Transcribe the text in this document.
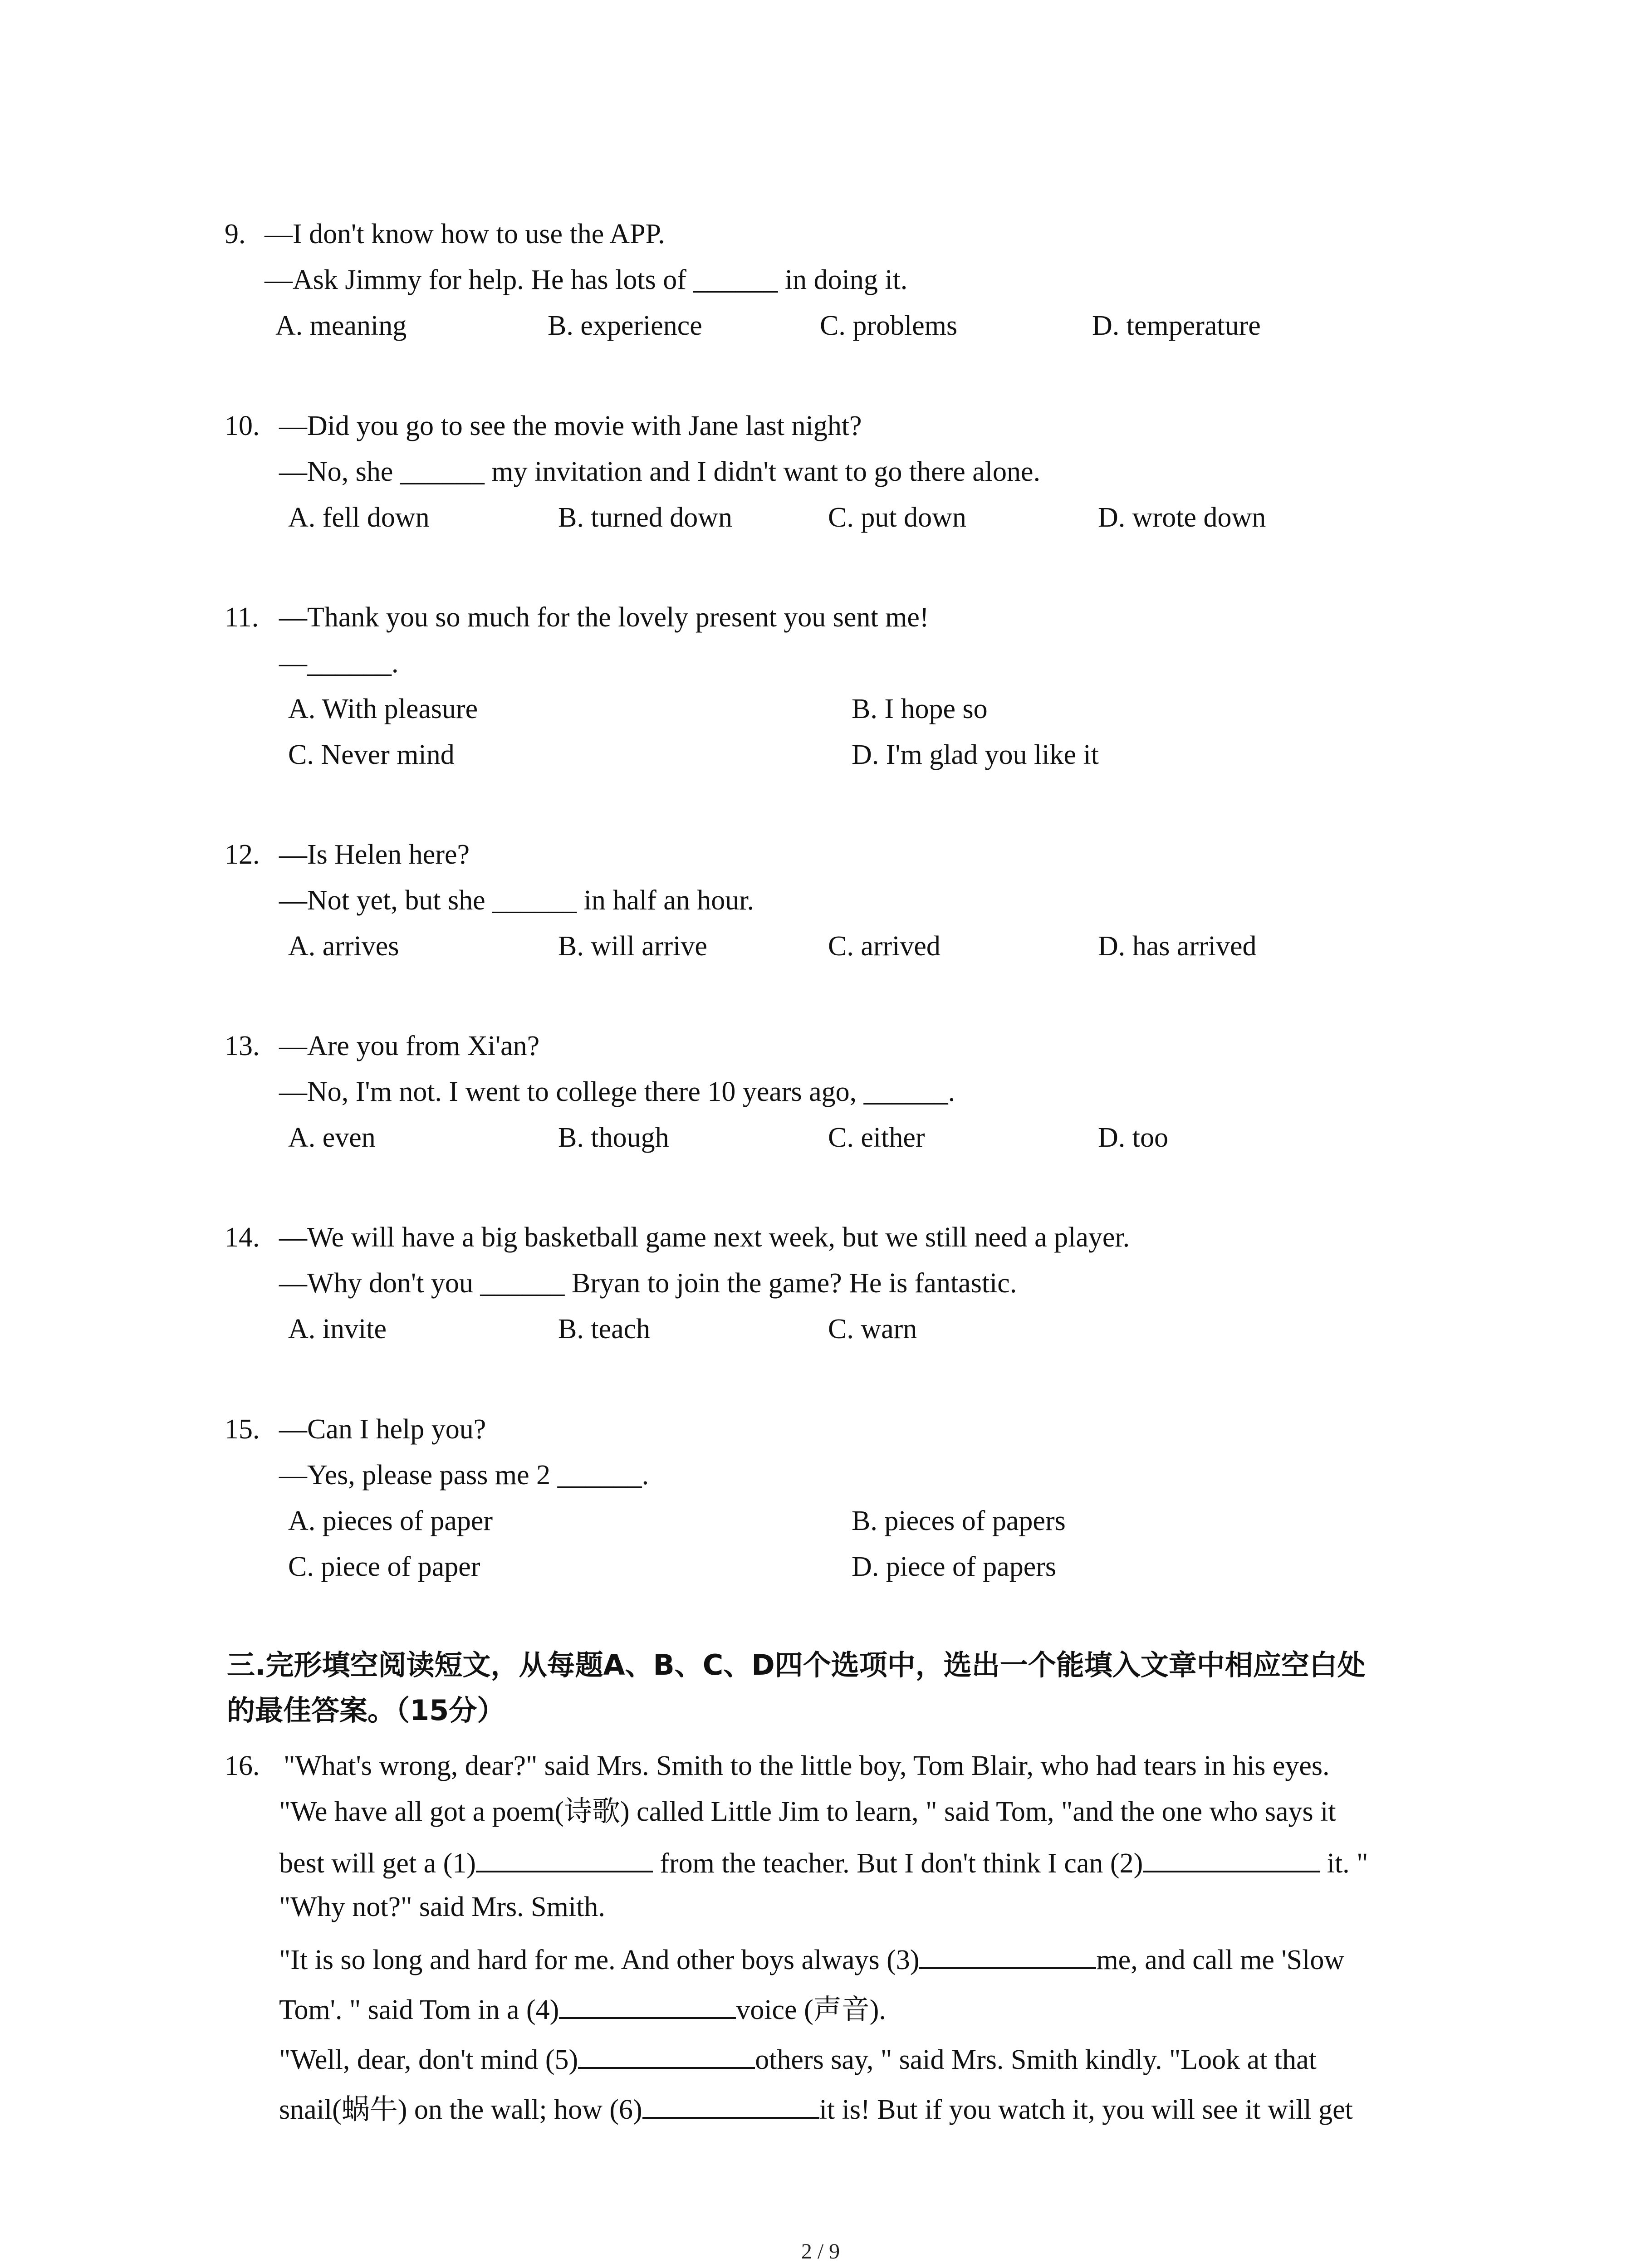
9. —I don't know how to use the APP.
—Ask Jimmy for help. He has lots of ______ in doing it.
A. meaning	B. experience	C. problems	D. temperature
10. —Did you go to see the movie with Jane last night?
—No, she ______ my invitation and I didn't want to go there alone.
A. fell down	B. turned down	C. put down	D. wrote down
11. —Thank you so much for the lovely present you sent me!
—______.
A. With pleasure	B. I hope so
C. Never mind	D. I'm glad you like it
12. —Is Helen here?
—Not yet, but she ______ in half an hour.
A. arrives	B. will arrive	C. arrived	D. has arrived
13. —Are you from Xi'an?
—No, I'm not. I went to college there 10 years ago, ______.
A. even	B. though	C. either	D. too
14. —We will have a big basketball game next week, but we still need a player.
—Why don't you ______ Bryan to join the game? He is fantastic.
A. invite	B. teach	C. warn
15. —Can I help you?
—Yes, please pass me 2 ______.
A. pieces of paper	B. pieces of papers
C. piece of paper	D. piece of papers
三.完形填空阅读短文，从每题A、B、C、D四个选项中，选出一个能填入文章中相应空白处
的最佳答案。（15分）
16. "What's wrong, dear?" said Mrs. Smith to the little boy, Tom Blair, who had tears in his eyes.
"We have all got a poem(诗歌) called Little Jim to learn, " said Tom, "and the one who says it
best will get a (1)	from the teacher. But I don't think I can (2)	it. "
"Why not?" said Mrs. Smith.
"It is so long and hard for me. And other boys always (3)	me, and call me 'Slow
Tom'. " said Tom in a (4)	voice (声音).
"Well, dear, don't mind (5)	others say, " said Mrs. Smith kindly. "Look at that
snail(蜗牛) on the wall; how (6)	it is! But if you watch it, you will see it will get
2 / 9
